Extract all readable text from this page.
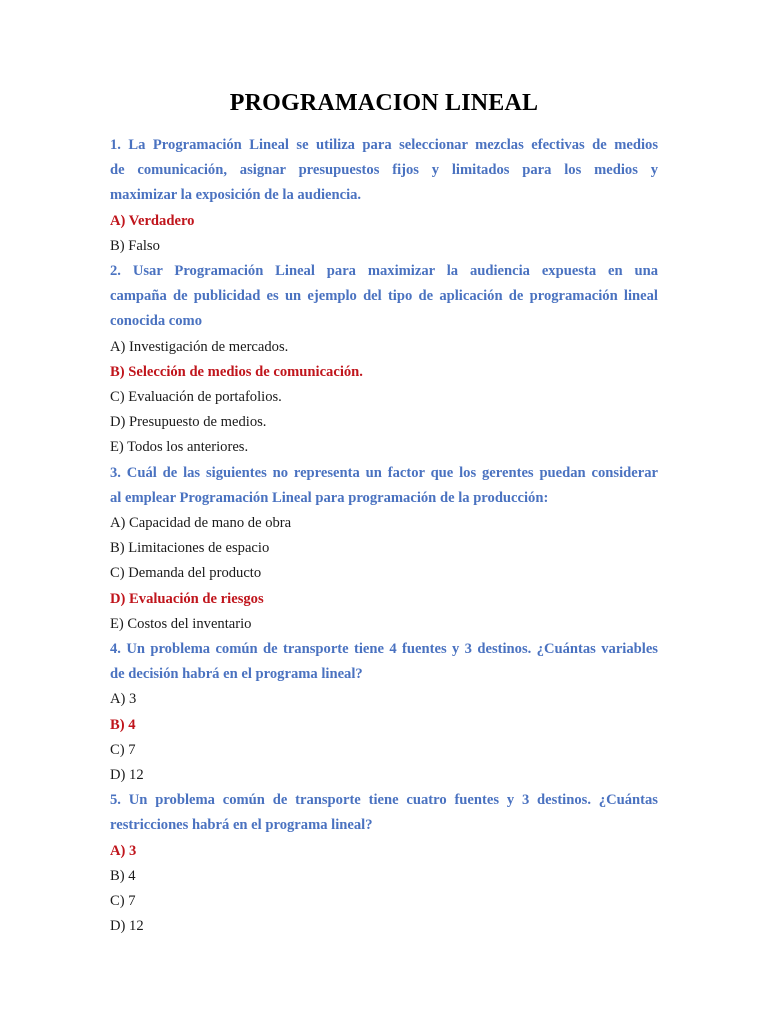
PROGRAMACION LINEAL
1. La Programación Lineal se utiliza para seleccionar mezclas efectivas de medios
de comunicación, asignar presupuestos fijos y limitados para los medios y
maximizar la exposición de la audiencia.
A) Verdadero
B) Falso
2. Usar Programación Lineal para maximizar la audiencia expuesta en una
campaña de publicidad es un ejemplo del tipo de aplicación de programación lineal
conocida como
A) Investigación de mercados.
B) Selección de medios de comunicación.
C) Evaluación de portafolios.
D) Presupuesto de medios.
E) Todos los anteriores.
3. Cuál de las siguientes no representa un factor que los gerentes puedan considerar
al emplear Programación Lineal para programación de la producción:
A) Capacidad de mano de obra
B) Limitaciones de espacio
C) Demanda del producto
D) Evaluación de riesgos
E) Costos del inventario
4. Un problema común de transporte tiene 4 fuentes y 3 destinos. ¿Cuántas variables
de decisión habrá en el programa lineal?
A) 3
B) 4
C) 7
D) 12
5. Un problema común de transporte tiene cuatro fuentes y 3 destinos. ¿Cuántas
restricciones habrá en el programa lineal?
A) 3
B) 4
C) 7
D) 12
